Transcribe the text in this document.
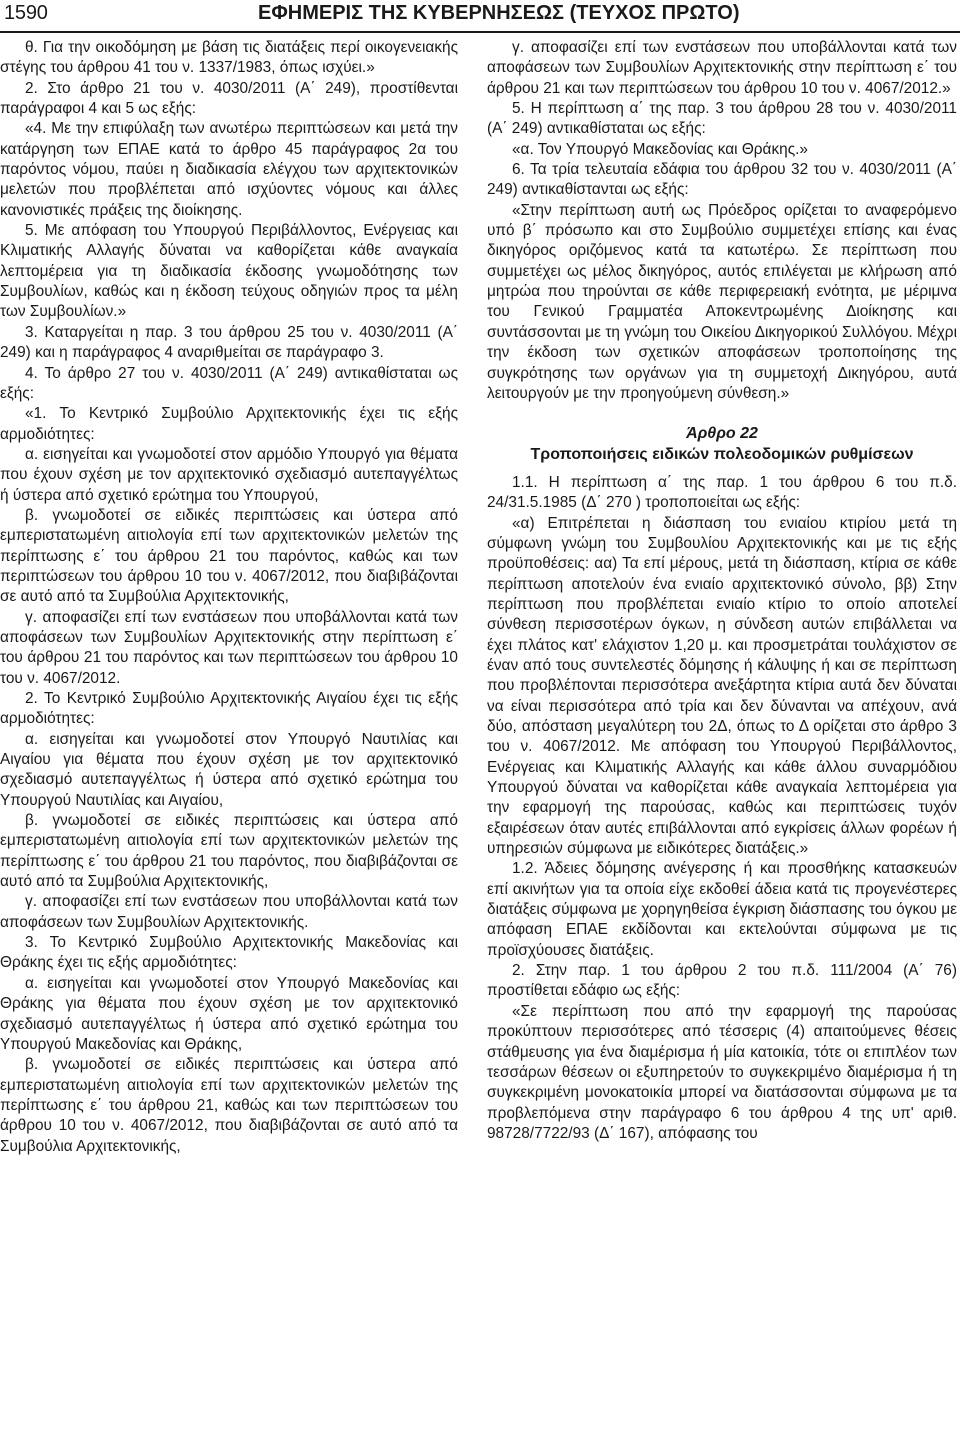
1590	ΕΦΗΜΕΡΙΣ ΤΗΣ ΚΥΒΕΡΝΗΣΕΩΣ (ΤΕΥΧΟΣ ΠΡΩΤΟ)

θ. Για την οικοδόμηση με βάση τις διατάξεις περί οικογενειακής στέγης του άρθρου 41 του ν. 1337/1983, όπως ισχύει.»

2. Στο άρθρο 21 του ν. 4030/2011 (Α΄ 249), προστίθενται παράγραφοι 4 και 5 ως εξής:

«4. Με την επιφύλαξη των ανωτέρω περιπτώσεων και μετά την κατάργηση των ΕΠΑΕ κατά το άρθρο 45 παράγραφος 2α του παρόντος νόμου, παύει η διαδικασία ελέγχου των αρχιτεκτονικών μελετών που προβλέπεται από ισχύοντες νόμους και άλλες κανονιστικές πράξεις της διοίκησης.

5. Με απόφαση του Υπουργού Περιβάλλοντος, Ενέργειας και Κλιματικής Αλλαγής δύναται να καθορίζεται κάθε αναγκαία λεπτομέρεια για τη διαδικασία έκδοσης γνωμοδότησης των Συμβουλίων, καθώς και η έκδοση τεύχους οδηγιών προς τα μέλη των Συμβουλίων.»

3. Καταργείται η παρ. 3 του άρθρου 25 του ν. 4030/2011 (Α΄ 249) και η παράγραφος 4 αναριθμείται σε παράγραφο 3.

4. Το άρθρο 27 του ν. 4030/2011 (Α΄ 249) αντικαθίσταται ως εξής:

«1. Το Κεντρικό Συμβούλιο Αρχιτεκτονικής έχει τις εξής αρμοδιότητες:

α. εισηγείται και γνωμοδοτεί στον αρμόδιο Υπουργό για θέματα που έχουν σχέση με τον αρχιτεκτονικό σχεδιασμό αυτεπαγγέλτως ή ύστερα από σχετικό ερώτημα του Υπουργού,

β. γνωμοδοτεί σε ειδικές περιπτώσεις και ύστερα από εμπεριστατωμένη αιτιολογία επί των αρχιτεκτονικών μελετών της περίπτωσης ε΄ του άρθρου 21 του παρόντος, καθώς και των περιπτώσεων του άρθρου 10 του ν. 4067/2012, που διαβιβάζονται σε αυτό από τα Συμβούλια Αρχιτεκτονικής,

γ. αποφασίζει επί των ενστάσεων που υποβάλλονται κατά των αποφάσεων των Συμβουλίων Αρχιτεκτονικής στην περίπτωση ε΄ του άρθρου 21 του παρόντος και των περιπτώσεων του άρθρου 10 του ν. 4067/2012.

2. Το Κεντρικό Συμβούλιο Αρχιτεκτονικής Αιγαίου έχει τις εξής αρμοδιότητες:

α. εισηγείται και γνωμοδοτεί στον Υπουργό Ναυτιλίας και Αιγαίου για θέματα που έχουν σχέση με τον αρχιτεκτονικό σχεδιασμό αυτεπαγγέλτως ή ύστερα από σχετικό ερώτημα του Υπουργού Ναυτιλίας και Αιγαίου,

β. γνωμοδοτεί σε ειδικές περιπτώσεις και ύστερα από εμπεριστατωμένη αιτιολογία επί των αρχιτεκτονικών μελετών της περίπτωσης ε΄ του άρθρου 21 του παρόντος, που διαβιβάζονται σε αυτό από τα Συμβούλια Αρχιτεκτονικής,

γ. αποφασίζει επί των ενστάσεων που υποβάλλονται κατά των αποφάσεων των Συμβουλίων Αρχιτεκτονικής.

3. Το Κεντρικό Συμβούλιο Αρχιτεκτονικής Μακεδονίας και Θράκης έχει τις εξής αρμοδιότητες:

α. εισηγείται και γνωμοδοτεί στον Υπουργό Μακεδονίας και Θράκης για θέματα που έχουν σχέση με τον αρχιτεκτονικό σχεδιασμό αυτεπαγγέλτως ή ύστερα από σχετικό ερώτημα του Υπουργού Μακεδονίας και Θράκης,

β. γνωμοδοτεί σε ειδικές περιπτώσεις και ύστερα από εμπεριστατωμένη αιτιολογία επί των αρχιτεκτονικών μελετών της περίπτωσης ε΄ του άρθρου 21, καθώς και των περιπτώσεων του άρθρου 10 του ν. 4067/2012, που διαβιβάζονται σε αυτό από τα Συμβούλια Αρχιτεκτονικής,

γ. αποφασίζει επί των ενστάσεων που υποβάλλονται κατά των αποφάσεων των Συμβουλίων Αρχιτεκτονικής στην περίπτωση ε΄ του άρθρου 21 και των περιπτώσεων του άρθρου 10 του ν. 4067/2012.»

5. Η περίπτωση α΄ της παρ. 3 του άρθρου 28 του ν. 4030/2011 (Α΄ 249) αντικαθίσταται ως εξής:

«α. Τον Υπουργό Μακεδονίας και Θράκης.»

6. Τα τρία τελευταία εδάφια του άρθρου 32 του ν. 4030/2011 (Α΄ 249) αντικαθίστανται ως εξής:

«Στην περίπτωση αυτή ως Πρόεδρος ορίζεται το αναφερόμενο υπό β΄ πρόσωπο και στο Συμβούλιο συμμετέχει επίσης και ένας δικηγόρος οριζόμενος κατά τα κατωτέρω. Σε περίπτωση που συμμετέχει ως μέλος δικηγόρος, αυτός επιλέγεται με κλήρωση από μητρώα που τηρούνται σε κάθε περιφερειακή ενότητα, με μέριμνα του Γενικού Γραμματέα Αποκεντρωμένης Διοίκησης και συντάσσονται με τη γνώμη του Οικείου Δικηγορικού Συλλόγου. Μέχρι την έκδοση των σχετικών αποφάσεων τροποποίησης της συγκρότησης των οργάνων για τη συμμετοχή Δικηγόρου, αυτά λειτουργούν με την προηγούμενη σύνθεση.»

Άρθρο 22

Τροποποιήσεις ειδικών πολεοδομικών ρυθμίσεων

1.1. Η περίπτωση α΄ της παρ. 1 του άρθρου 6 του π.δ. 24/31.5.1985 (Δ΄ 270 ) τροποποιείται ως εξής:

«α) Επιτρέπεται η διάσπαση του ενιαίου κτιρίου μετά τη σύμφωνη γνώμη του Συμβουλίου Αρχιτεκτονικής και με τις εξής προϋποθέσεις: αα) Τα επί μέρους, μετά τη διάσπαση, κτίρια σε κάθε περίπτωση αποτελούν ένα ενιαίο αρχιτεκτονικό σύνολο, ββ) Στην περίπτωση που προβλέπεται ενιαίο κτίριο το οποίο αποτελεί σύνθεση περισσοτέρων όγκων, η σύνδεση αυτών επιβάλλεται να έχει πλάτος κατ' ελάχιστον 1,20 μ. και προσμετράται τουλάχιστον σε έναν από τους συντελεστές δόμησης ή κάλυψης ή και σε περίπτωση που προβλέπονται περισσότερα ανεξάρτητα κτίρια αυτά δεν δύναται να είναι περισσότερα από τρία και δεν δύνανται να απέχουν, ανά δύο, απόσταση μεγαλύτερη του 2Δ, όπως το Δ ορίζεται στο άρθρο 3 του ν. 4067/2012. Με απόφαση του Υπουργού Περιβάλλοντος, Ενέργειας και Κλιματικής Αλλαγής και κάθε άλλου συναρμόδιου Υπουργού δύναται να καθορίζεται κάθε αναγκαία λεπτομέρεια για την εφαρμογή της παρούσας, καθώς και περιπτώσεις τυχόν εξαιρέσεων όταν αυτές επιβάλλονται από εγκρίσεις άλλων φορέων ή υπηρεσιών σύμφωνα με ειδικότερες διατάξεις.»

1.2. Άδειες δόμησης ανέγερσης ή και προσθήκης κατασκευών επί ακινήτων για τα οποία είχε εκδοθεί άδεια κατά τις προγενέστερες διατάξεις σύμφωνα με χορηγηθείσα έγκριση διάσπασης του όγκου με απόφαση ΕΠΑΕ εκδίδονται και εκτελούνται σύμφωνα με τις προϊσχύουσες διατάξεις.

2. Στην παρ. 1 του άρθρου 2 του π.δ. 111/2004 (Α΄ 76) προστίθεται εδάφιο ως εξής:

«Σε περίπτωση που από την εφαρμογή της παρούσας προκύπτουν περισσότερες από τέσσερις (4) απαιτούμενες θέσεις στάθμευσης για ένα διαμέρισμα ή μία κατοικία, τότε οι επιπλέον των τεσσάρων θέσεων οι εξυπηρετούν το συγκεκριμένο διαμέρισμα ή τη συγκεκριμένη μονοκατοικία μπορεί να διατάσσονται σύμφωνα με τα προβλεπόμενα στην παράγραφο 6 του άρθρου 4 της υπ' αριθ. 98728/7722/93 (Δ΄ 167), απόφασης του
